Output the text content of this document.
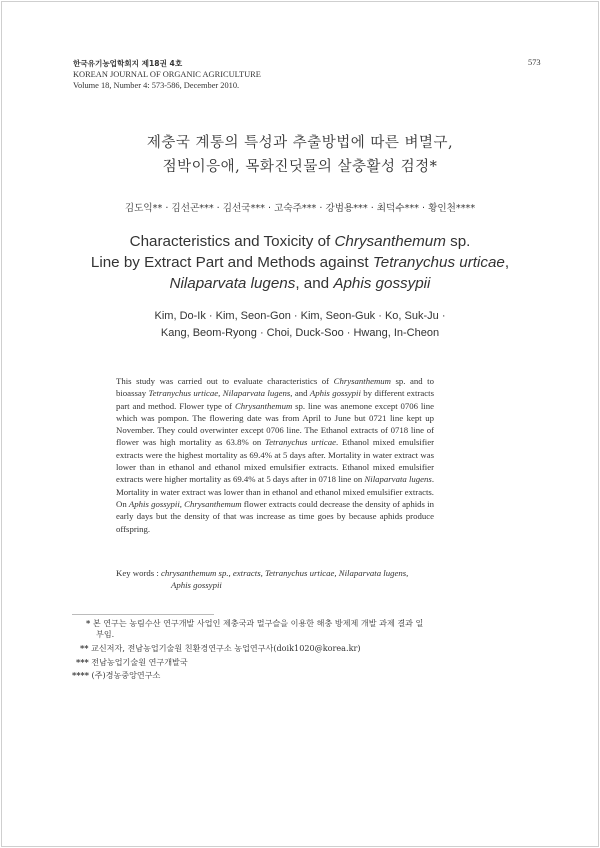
한국유기농업학회지 제18권 4호
KOREAN JOURNAL OF ORGANIC AGRICULTURE
Volume 18, Number 4: 573-586, December 2010.
573
제충국 계통의 특성과 추출방법에 따른 벼멸구,
점박이응애, 목화진딧물의 살충활성 검정*
김도익** · 김선곤*** · 김선국*** · 고숙주*** · 강범용*** · 최덕수*** · 황인천****
Characteristics and Toxicity of Chrysanthemum sp.
Line by Extract Part and Methods against Tetranychus urticae,
Nilaparvata lugens, and Aphis gossypii
Kim, Do-Ik · Kim, Seon-Gon · Kim, Seon-Guk · Ko, Suk-Ju ·
Kang, Beom-Ryong · Choi, Duck-Soo · Hwang, In-Cheon
This study was carried out to evaluate characteristics of Chrysanthemum sp. and to bioassay Tetranychus urticae, Nilaparvata lugens, and Aphis gossypii by different extracts part and method. Flower type of Chrysanthemum sp. line was anemone except 0706 line which was pompon. The flowering date was from April to June but 0721 line kept up November. They could overwinter except 0706 line. The Ethanol extracts of 0718 line of flower was high mortality as 63.8% on Tetranychus urticae. Ethanol mixed emulsifier extracts were the highest mortality as 69.4% at 5 days after. Mortality in water extract was lower than in ethanol and ethanol mixed emulsifier extracts. Ethanol mixed emulsifier extracts were higher mortality as 69.4% at 5 days after in 0718 line on Nilaparvata lugens. Mortality in water extract was lower than in ethanol and ethanol mixed emulsifier extracts. On Aphis gossypii, Chrysanthemum flower extracts could decrease the density of aphids in early days but the density of that was increase as time goes by because aphids produce offspring.
Key words : chrysanthemum sp., extracts, Tetranychus urticae, Nilaparvata lugens,
Aphis gossypii
* 본 연구는 농림수산 연구개발 사업인 제충국과 멀구슬을 이용한 해충 방제제 개발 과제 결과 일
부임.
** 교신저자, 전남농업기술원 친환경연구소 농업연구사(doik1020@korea.kr)
*** 전남농업기술원 연구개발국
**** (주)경농중앙연구소
